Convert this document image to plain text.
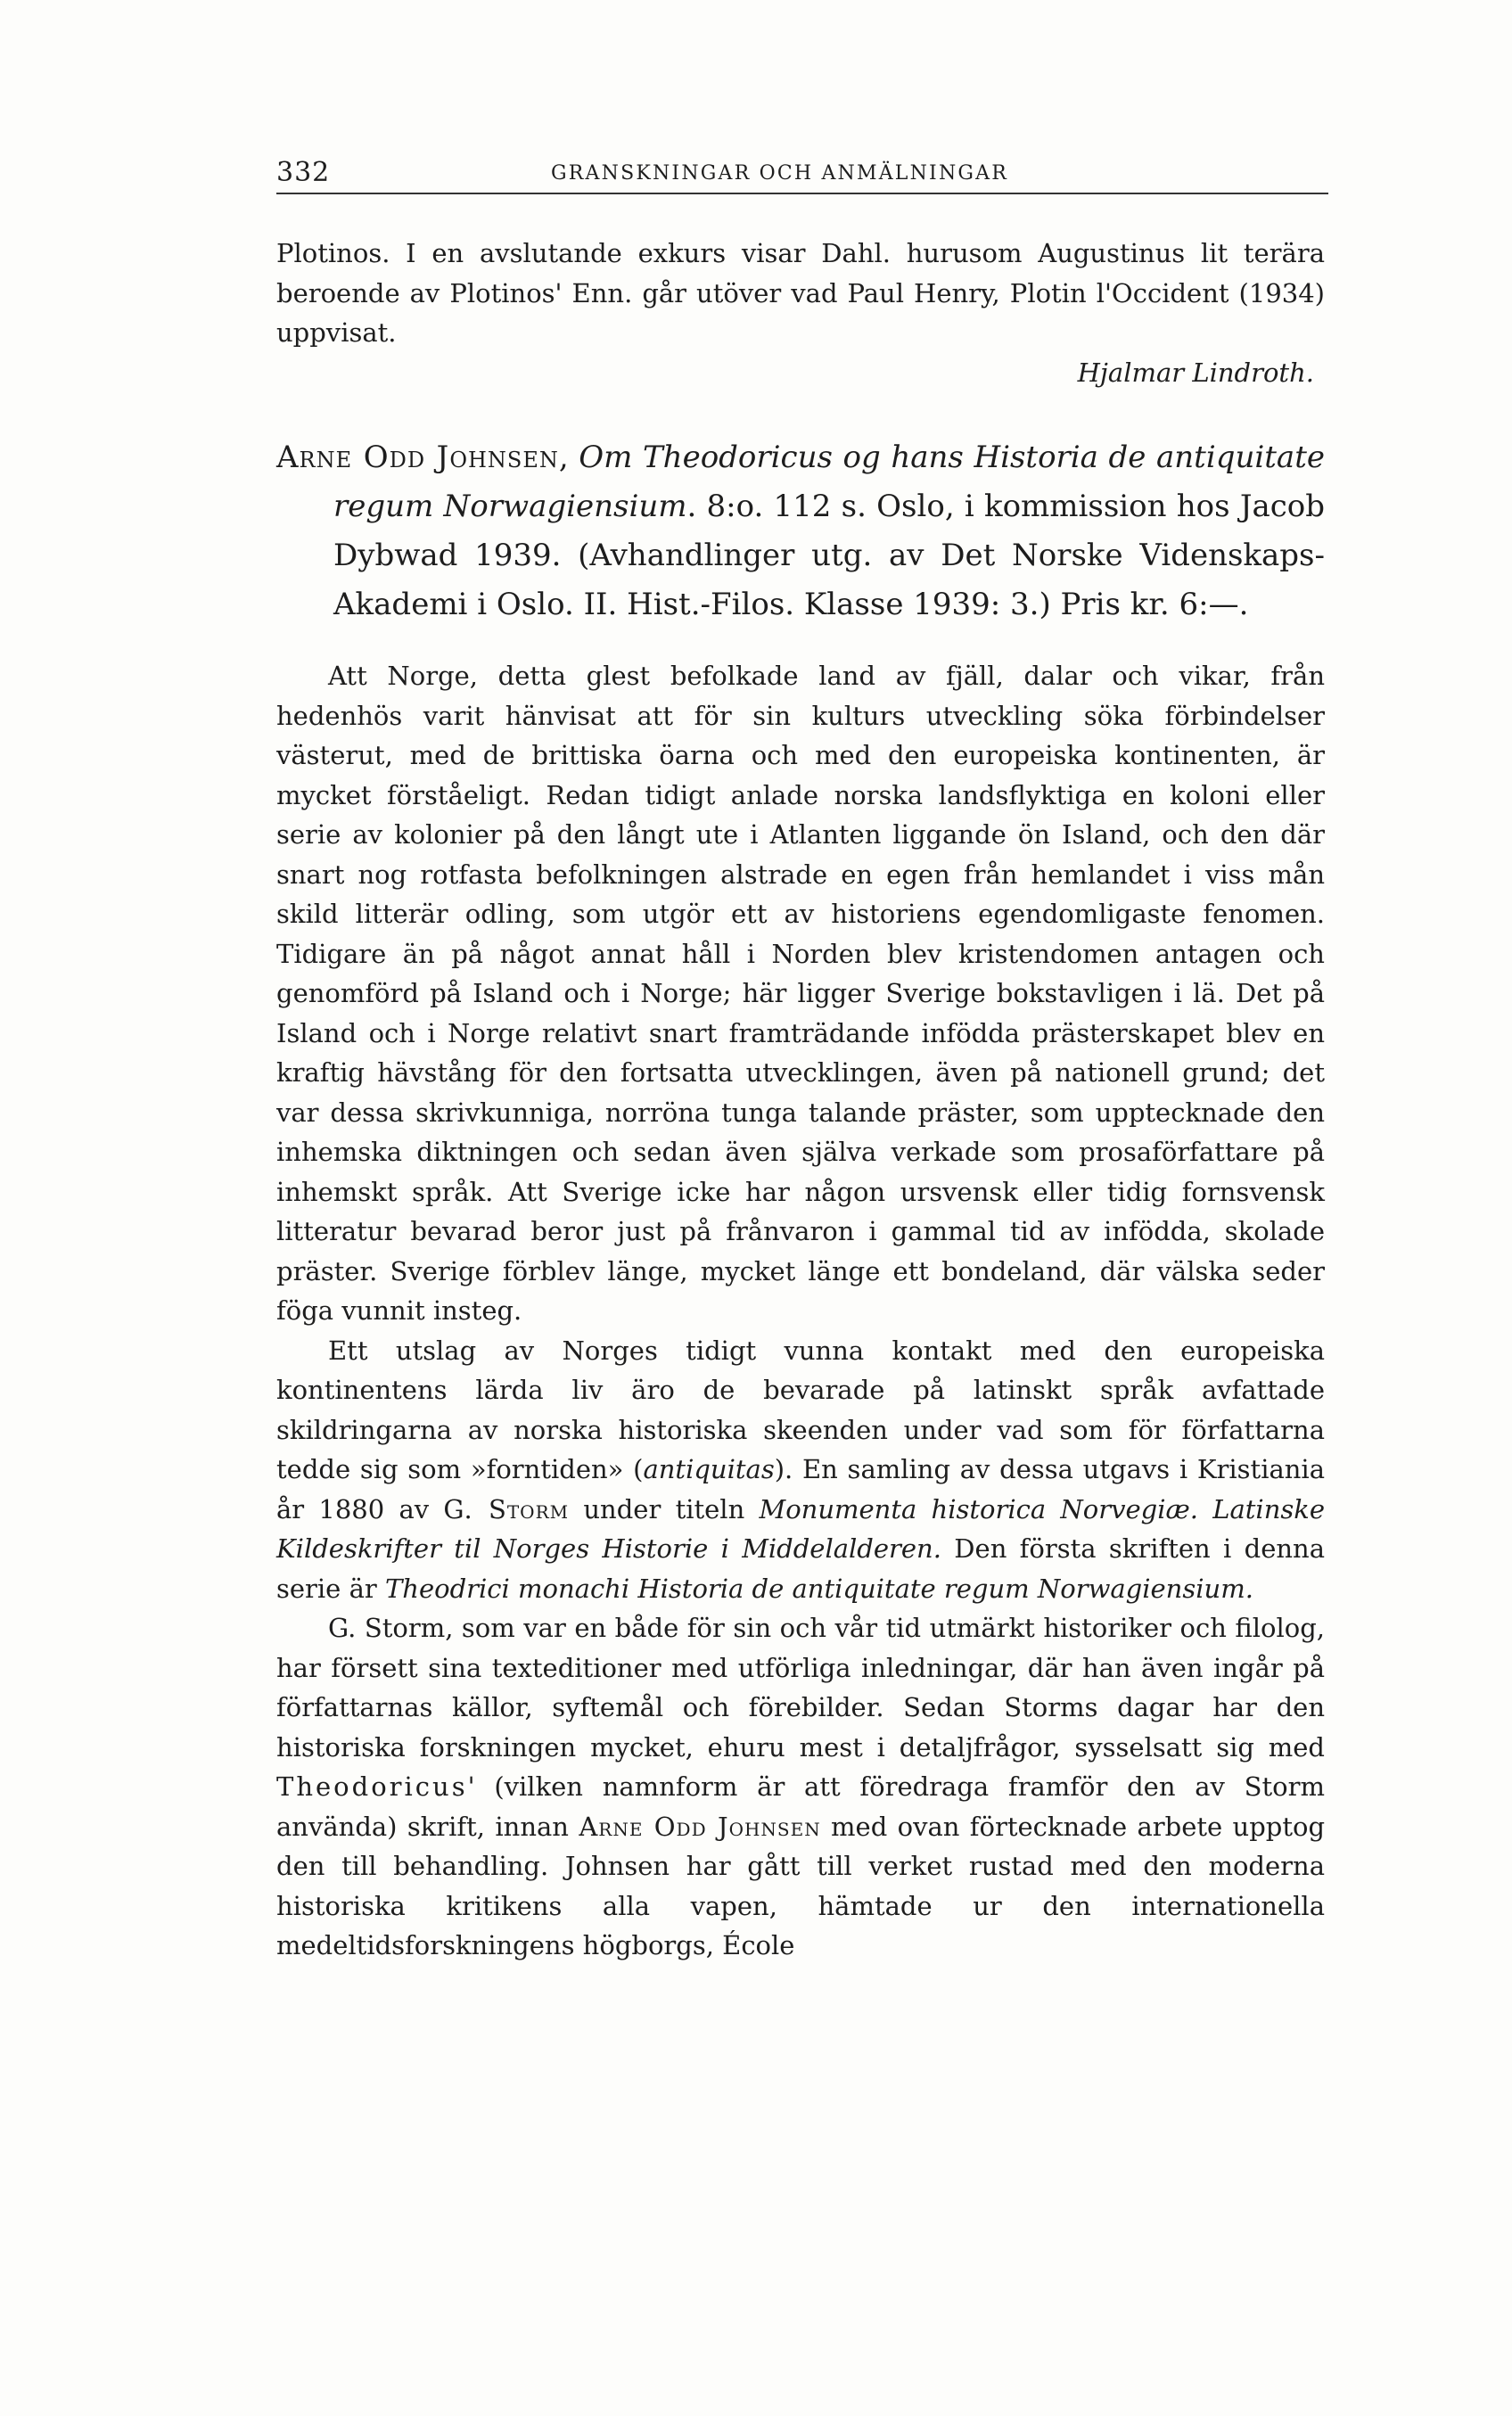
332	GRANSKNINGAR OCH ANMÄLNINGAR

Plotinos. I en avslutande exkurs visar Dahl. hurusom Augustinus lit terära beroende av Plotinos' Enn. går utöver vad Paul Henry, Plotin l'Occident (1934) uppvisat.

Hjalmar Lindroth.

Arne Odd Johnsen, Om Theodoricus og hans Historia de antiquitate regum Norwagiensium. 8:o. 112 s. Oslo, i kommission hos Jacob Dybwad 1939. (Avhandlinger utg. av Det Norske Videnskaps-Akademi i Oslo. II. Hist.-Filos. Klasse 1939: 3.) Pris kr. 6:—.

Att Norge, detta glest befolkade land av fjäll, dalar och vikar, från hedenhös varit hänvisat att för sin kulturs utveckling söka förbindelser västerut, med de brittiska öarna och med den europeiska kontinenten, är mycket förståeligt. Redan tidigt anlade norska landsflyktiga en koloni eller serie av kolonier på den långt ute i Atlanten liggande ön Island, och den där snart nog rotfasta befolkningen alstrade en egen från hemlandet i viss mån skild litterär odling, som utgör ett av historiens egendomligaste fenomen. Tidigare än på något annat håll i Norden blev kristendomen antagen och genomförd på Island och i Norge; här ligger Sverige bokstavligen i lä. Det på Island och i Norge relativt snart framträdande infödda prästerskapet blev en kraftig hävstång för den fortsatta utvecklingen, även på nationell grund; det var dessa skrivkunniga, norröna tunga talande präster, som upptecknade den inhemska diktningen och sedan även själva verkade som prosaförfattare på inhemskt språk. Att Sverige icke har någon ursvensk eller tidig fornsvensk litteratur bevarad beror just på frånvaron i gammal tid av infödda, skolade präster. Sverige förblev länge, mycket länge ett bondeland, där välska seder föga vunnit insteg.

Ett utslag av Norges tidigt vunna kontakt med den europeiska kontinentens lärda liv äro de bevarade på latinskt språk avfattade skildringarna av norska historiska skeenden under vad som för författarna tedde sig som »forntiden» (antiquitas). En samling av dessa utgavs i Kristiania år 1880 av G. Storm under titeln Monumenta historica Norvegiæ. Latinske Kildeskrifter til Norges Historie i Middelalderen. Den första skriften i denna serie är Theodrici monachi Historia de antiquitate regum Norwagiensium.

G. Storm, som var en både för sin och vår tid utmärkt historiker och filolog, har försett sina texteditioner med utförliga inledningar, där han även ingår på författarnas källor, syftemål och förebilder. Sedan Storms dagar har den historiska forskningen mycket, ehuru mest i detaljfrågor, sysselsatt sig med Theodoricus' (vilken namnform är att föredraga framför den av Storm använda) skrift, innan Arne Odd Johnsen med ovan förtecknade arbete upptog den till behandling. Johnsen har gått till verket rustad med den moderna historiska kritikens alla vapen, hämtade ur den internationella medeltidsforskningens högborgs, École
